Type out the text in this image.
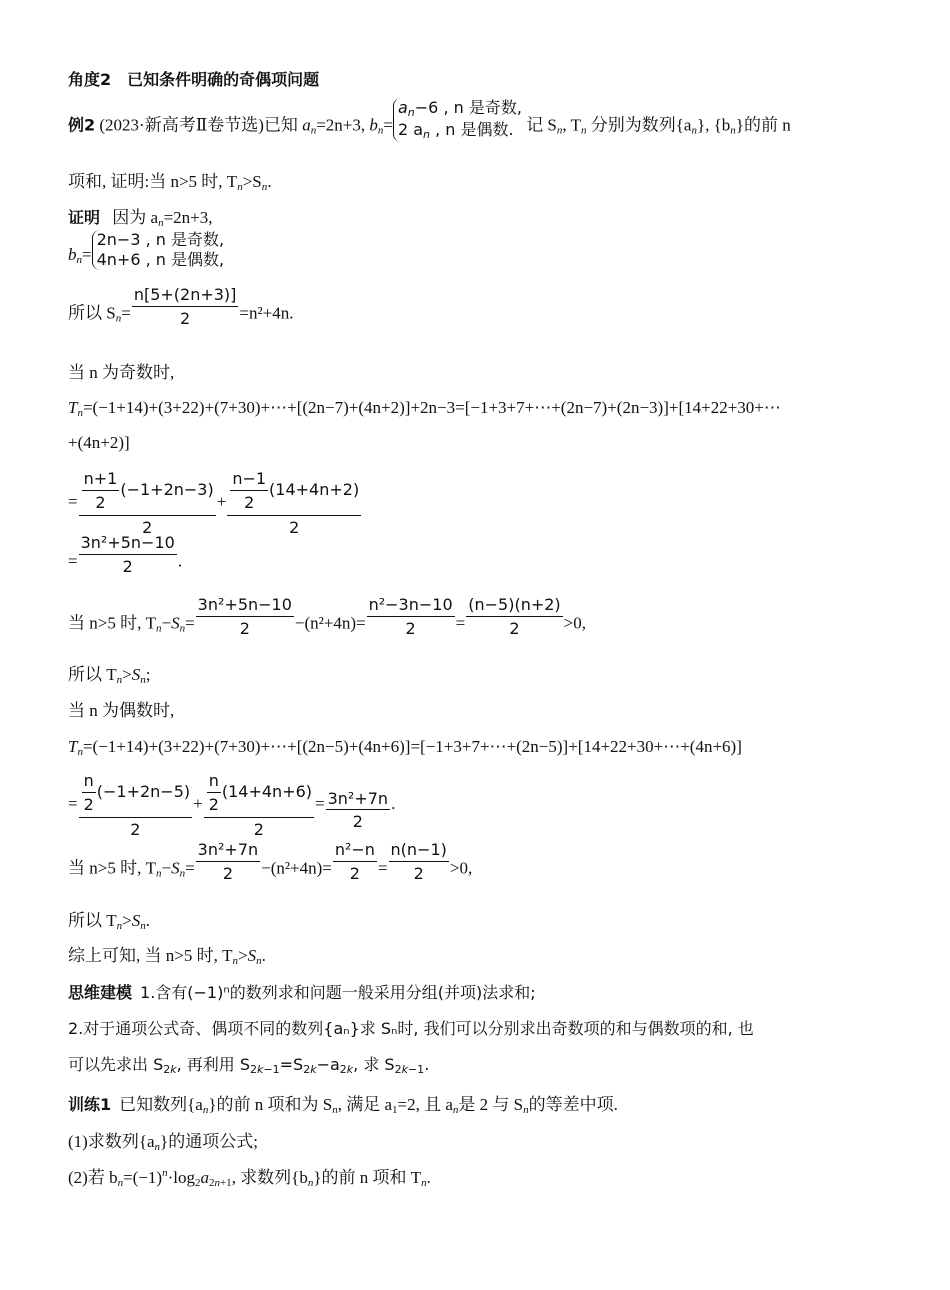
角度2　已知条件明确的奇偶项问题
例2 (2023·新高考Ⅱ卷节选)已知 $a_n=2n+3$, $b_n=$
$a_n-6$ , n 是奇数,
2 $a_n$ , n 是偶数. 记 $S_n$, $T_n$ 分别为数列$\{a_n\}$, $\{b_n\}$的前 n
项和, 证明:当 n>5 时, $T_n>S_n$.
证明 因为 $a_n=2n+3$,
$b_n=$
2n−3 , n 是奇数,
4n+6 , n 是偶数,
所以 $S_n= \frac{n[5+(2n+3)]}{2} =n^2+4n$.
当 n 为奇数时,
$T_n=(-1+14)+(3+22)+(7+30)+\cdots+[(2n-7)+(4n+2)]+2n-3=[-1+3+7+\cdots+(2n-7)+(2n-3)]+[14+22+30+\cdots$
+(4n+2)]
= $\frac{\frac{n+1}{2} (-1+2n-3)}{2} + \frac{\frac{n-1}{2} (14+4n+2)}{2}$
= $\frac{\text{3n²+5n−10}}{2}$ .
当 n>5 时, $T_n-S_n= \frac{\text{3n²+5n−10}}{2} -(n^2+4n)= \frac{\text{n²−3n−10}}{2} = \frac{(n-5)(n+2)}{2} >0$,
所以 $T_n>S_n$;
当 n 为偶数时,
$T_n=(-1+14)+(3+22)+(7+30)+\cdots+[(2n-5)+(4n+6)]=[-1+3+7+\cdots+(2n-5)]+[14+22+30+\cdots+(4n+6)]$
= $\frac{\frac{n}{2} (-1+2n-5)}{2} + \frac{\frac{n}{2} (14+4n+6)}{2} = \frac{\text{3n²+7n}}{2}$ .
当 n>5 时, $T_n-S_n= \frac{\text{3n²+7n}}{2} -(n^2+4n)= \frac{\text{n²−n}}{2} = \frac{n(n-1)}{2} >0$,
所以 $T_n>S_n$.
综上可知, 当 n>5 时, $T_n>S_n$.
思维建模 1.含有(−1)ⁿ的数列求和问题一般采用分组(并项)法求和;
2.对于通项公式奇、偶项不同的数列{aₙ}求 Sₙ时, 我们可以分别求出奇数项的和与偶数项的和, 也
可以先求出 $S_{2k}$, 再利用 $S_{2k-1}=S_{2k}-a_{2k}$, 求 $S_{2k-1}$.
训练1 已知数列$\{a_n\}$的前 n 项和为 $S_n$, 满足 $a_1=2$, 且 $a_n$是 2 与 $S_n$的等差中项.
(1)求数列$\{a_n\}$的通项公式;
(2)若 $b_n=(-1)^n\cdot\log_2a_{2n+1}$, 求数列$\{b_n\}$的前 n 项和 $T_n$.
